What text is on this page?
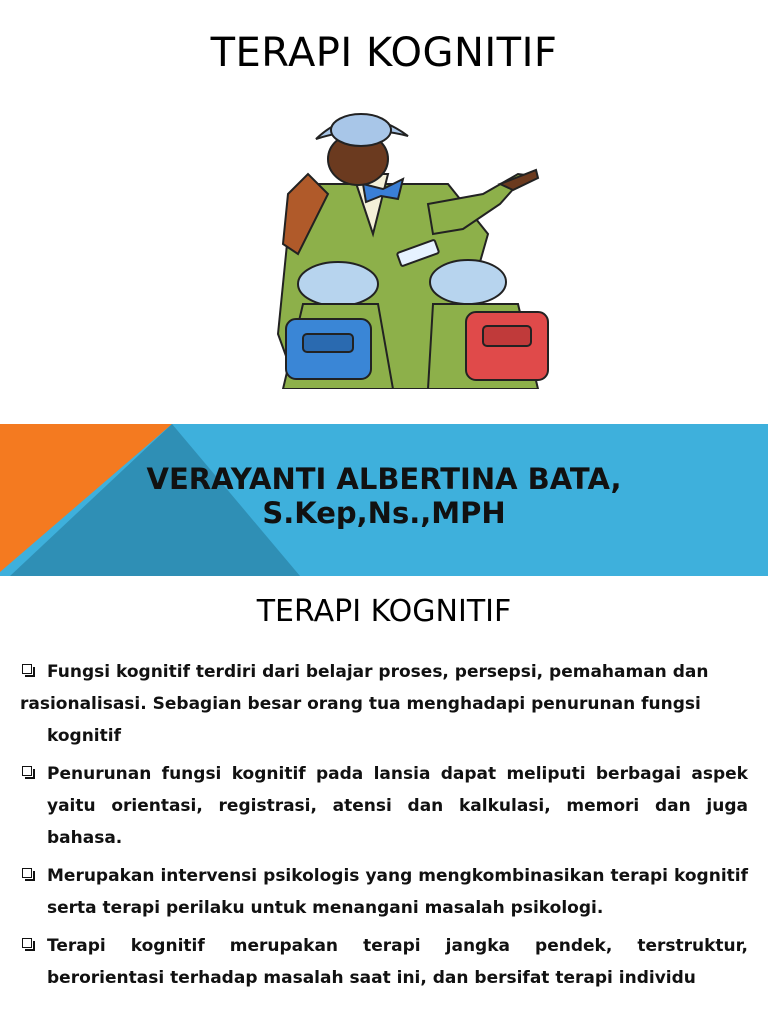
TERAPI KOGNITIF
VERAYANTI ALBERTINA BATA,
S.Kep,Ns.,MPH
TERAPI KOGNITIF
Fungsi kognitif terdiri dari belajar proses, persepsi, pemahaman dan
rasionalisasi. Sebagian besar orang tua menghadapi penurunan fungsi
kognitif
Penurunan fungsi kognitif pada lansia dapat meliputi berbagai aspek yaitu orientasi, registrasi, atensi dan kalkulasi, memori dan juga bahasa.
Merupakan intervensi psikologis yang mengkombinasikan terapi kognitif serta terapi perilaku untuk menangani masalah psikologi.
Terapi kognitif merupakan terapi jangka pendek, terstruktur, berorientasi terhadap masalah saat ini, dan bersifat terapi individu
